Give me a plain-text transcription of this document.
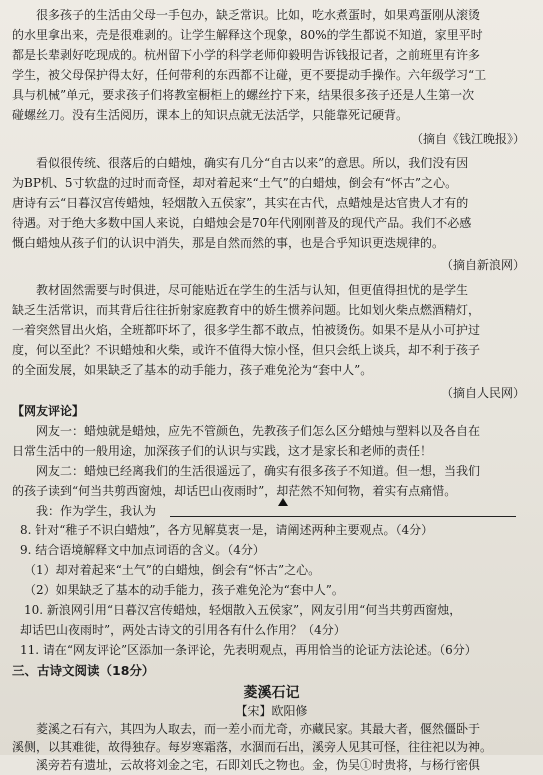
很多孩子的生活由父母一手包办，缺乏常识。比如，吃水煮蛋时，如果鸡蛋刚从滚烫
的水里拿出来，壳是很难剥的。让学生解释这个现象，80%的学生都说不知道，家里平时
都是长辈剥好吃现成的。杭州留下小学的科学老师仰毅明告诉钱报记者，之前班里有许多
学生，被父母保护得太好，任何带利的东西都不让碰，更不要提动手操作。六年级学习“工
具与机械”单元，要求孩子们将教室橱柜上的螺丝拧下来，结果很多孩子还是人生第一次
碰螺丝刀。没有生活阅历，课本上的知识点就无法活学，只能靠死记硬背。
（摘自《钱江晚报》）
看似很传统、很落后的白蜡烛，确实有几分“自古以来”的意思。所以，我们没有因
为BP机、5寸软盘的过时而奇怪，却对着起来“土气”的白蜡烛，倒会有“怀古”之心。
唐诗有云“日暮汉宫传蜡烛，轻烟散入五侯家”，其实在古代，点蜡烛是达官贵人才有的
待遇。对于绝大多数中国人来说，白蜡烛会是70年代刚刚普及的现代产品。我们不必感
慨白蜡烛从孩子们的认识中消失，那是自然而然的事，也是合乎知识更迭规律的。
（摘自新浪网）
教材固然需要与时俱进，尽可能贴近在学生的生活与认知，但更值得担忧的是学生
缺乏生活常识，而其背后往往折射家庭教育中的娇生惯养问题。比如划火柴点燃酒精灯，
一着突然冒出火焰，全班都吓坏了，很多学生都不敢点，怕被烫伤。如果不是从小可护过
度，何以至此？不识蜡烛和火柴，或许不值得大惊小怪，但只会纸上谈兵，却不利于孩子
的全面发展，如果缺乏了基本的动手能力，孩子难免沦为“套中人”。
（摘自人民网）
【网友评论】
网友一：蜡烛就是蜡烛，应先不管颜色，先教孩子们怎么区分蜡烛与塑料以及各自在
日常生活中的一般用途，加深孩子们的认识与实践，这才是家长和老师的责任！
网友二：蜡烛已经离我们的生活很遥远了，确实有很多孩子不知道。但一想，当我们
的孩子读到“何当共剪西窗烛，却话巴山夜雨时”，却茫然不知何物，着实有点痛惜。
我：作为学生，我认为
8. 针对“稚子不识白蜡烛”，各方见解莫衷一是，请阐述两种主要观点。（4分）
9. 结合语境解释文中加点词语的含义。（4分）
（1）却对着起来“土气”的白蜡烛，倒会有“怀古”之心。
（2）如果缺乏了基本的动手能力，孩子难免沦为“套中人”。
10. 新浪网引用“日暮汉宫传蜡烛，轻烟散入五侯家”，网友引用“何当共剪西窗烛，
却话巴山夜雨时”，两处古诗文的引用各有什么作用？（4分）
11. 请在“网友评论”区添加一条评论，先表明观点，再用恰当的论证方法论述。（6分）
三、古诗文阅读（18分）
菱溪石记
【宋】欧阳修
菱溪之石有六，其四为人取去，而一差小而尤奇，亦藏民家。其最大者，偃然僵卧于
溪侧，以其难徙，故得独存。每岁寒霜落，水涸而石出，溪旁人见其可怪，往往祀以为神。
溪旁若有遗址，云故将刘金之宅，石即刘氏之物也。金，伪吴①时贵将，与杨行密俱
